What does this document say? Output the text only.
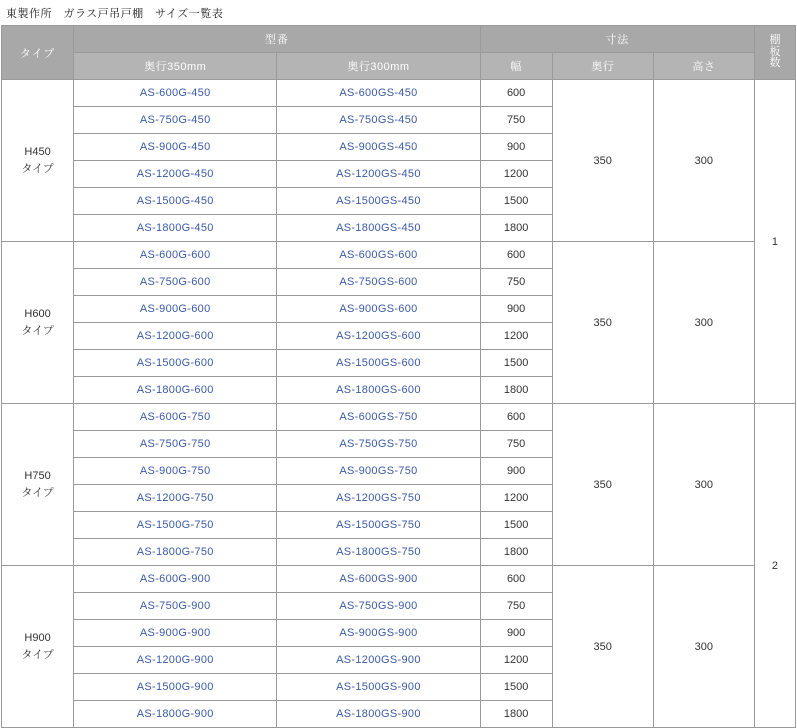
東製作所　ガラス戸吊戸棚　サイズ一覧表
タイプ	型番		寸法			棚
板
数

	奥行350mm	奥行300mm	幅	奥行	高さ	

H450
タイプ	AS-600G-450	AS-600GS-450	600	350	300	1
	AS-750G-450	AS-750GS-450	750			
	AS-900G-450	AS-900GS-450	900			
	AS-1200G-450	AS-1200GS-450	1200		
	AS-1500G-450	AS-1500GS-450	1500			
	AS-1800G-450	AS-1800GS-450	1800			

H600
タイプ	AS-600G-600	AS-600GS-600	600	350	300	
	AS-750G-600	AS-750GS-600	750			
	AS-900G-600	AS-900GS-600	900			
	AS-1200G-600	AS-1200GS-600	1200			
	AS-1500G-600	AS-1500GS-600	1500			
	AS-1800G-600	AS-1800GS-600	1800			

H750
タイプ	AS-600G-750	AS-600GS-750	600	350	300	2
	AS-750G-750	AS-750GS-750	750			
	AS-900G-750	AS-900GS-750	900			
	AS-1200G-750	AS-1200GS-750	1200			
	AS-1500G-750	AS-1500GS-750	1500			
	AS-1800G-750	AS-1800GS-750	1800			

H900
タイプ	AS-600G-900	AS-600GS-900	600	350	300	
	AS-750G-900	AS-750GS-900	750			
	AS-900G-900	AS-900GS-900	900			
	AS-1200G-900	AS-1200GS-900	1200			
	AS-1500G-900	AS-1500GS-900	1500			
	AS-1800G-900	AS-1800GS-900	1800			
